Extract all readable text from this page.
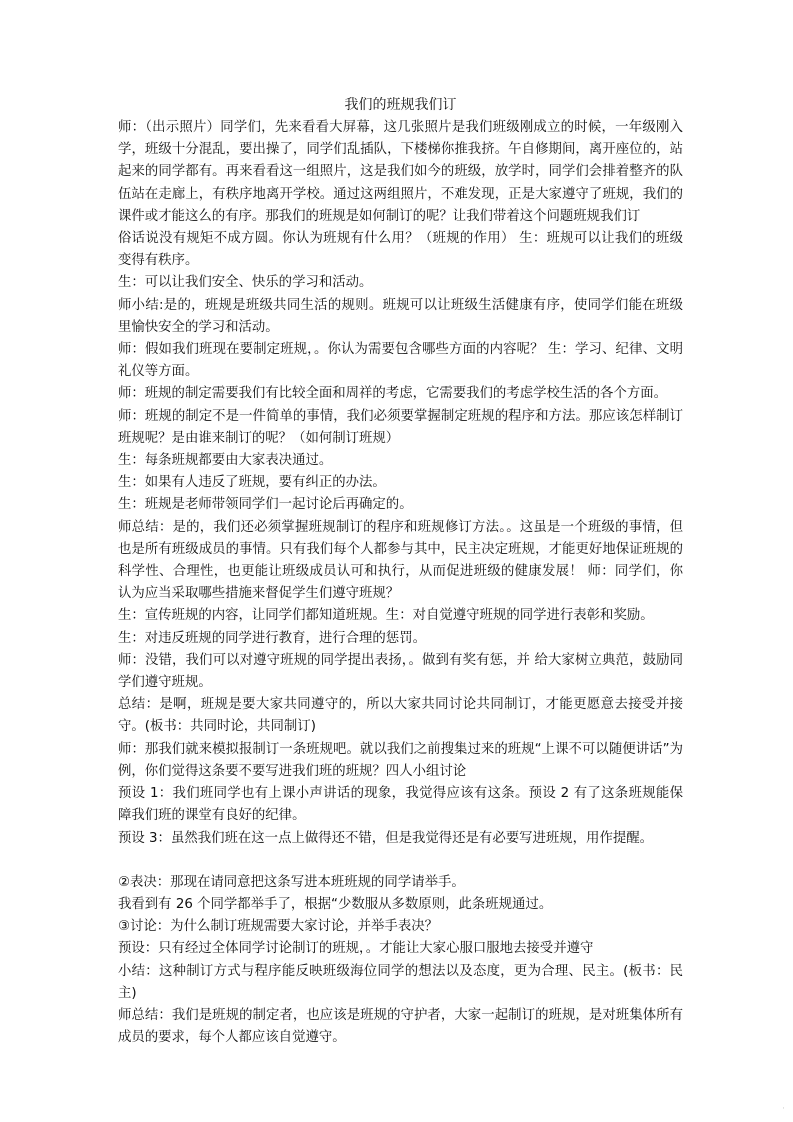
我们的班规我们订

师：（出示照片）同学们，先来看看大屏幕，这几张照片是我们班级刚成立的时候，一年级刚入学，班级十分混乱，要出操了，同学们乱插队，下楼梯你推我挤。午自修期间，离开座位的，站起来的同学都有。再来看看这一组照片，这是我们如今的班级，放学时，同学们会排着整齐的队伍站在走廊上，有秩序地离开学校。通过这两组照片，不难发现，正是大家遵守了班规，我们的课件或才能这么的有序。那我们的班规是如何制订的呢？让我们带着这个问题班规我们订

俗话说没有规矩不成方圆。你认为班规有什么用？（班规的作用） 生：班规可以让我们的班级变得有秩序。

生：可以让我们安全、快乐的学习和活动。

师小结:是的，班规是班级共同生活的规则。班规可以让班级生活健康有序，使同学们能在班级里愉快安全的学习和活动。

师：假如我们班现在要制定班规，。你认为需要包含哪些方面的内容呢？ 生：学习、纪律、文明礼仪等方面。

师：班规的制定需要我们有比较全面和周祥的考虑，它需要我们的考虑学校生活的各个方面。

师：班规的制定不是一件简单的事情，我们必须要掌握制定班规的程序和方法。那应该怎样制订班规呢？是由谁来制订的呢？（如何制订班规）

生：每条班规都要由大家表决通过。

生：如果有人违反了班规，要有纠正的办法。

生：班规是老师带领同学们一起讨论后再确定的。

师总结：是的，我们还必须掌握班规制订的程序和班规修订方法。。这虽是一个班级的事情，但也是所有班级成员的事情。只有我们每个人都参与其中，民主决定班规，才能更好地保证班规的科学性、合理性，也更能让班级成员认可和执行，从而促进班级的健康发展！ 师：同学们，你认为应当采取哪些措施来督促学生们遵守班规？

生：宣传班规的内容，让同学们都知道班规。生：对自觉遵守班规的同学进行表彰和奖励。

生：对违反班规的同学进行教育，进行合理的惩罚。

师：没错，我们可以对遵守班规的同学提出表扬，。做到有奖有惩，并 给大家树立典范，鼓励同学们遵守班规。

总结：是啊，班规是要大家共同遵守的，所以大家共同讨论共同制订，才能更愿意去接受并接守。(板书：共同时论，共同制订)

师：那我们就来模拟报制订一条班规吧。就以我们之前搜集过来的班规“上课不可以随便讲话”为例，你们觉得这条要不要写进我们班的班规？四人小组讨论

预设 1：我们班同学也有上课小声讲话的现象，我觉得应该有这条。预设 2 有了这条班规能保障我们班的课堂有良好的纪律。

预设 3：虽然我们班在这一点上做得还不错，但是我觉得还是有必要写进班规，用作提醒。

②表决：那现在请同意把这条写进本班班规的同学请举手。

我看到有 26 个同学都举手了，根据“少数服从多数原则，此条班规通过。

③讨论：为什么制订班规需要大家讨论，并举手表决？

预设：只有经过全体同学讨论制订的班规，。才能让大家心服口服地去接受并遵守

小结：这种制订方式与程序能反映班级海位同学的想法以及态度，更为合理、民主。(板书：民主)

师总结：我们是班规的制定者，也应该是班规的守护者，大家一起制订的班规，是对班集体所有成员的要求，每个人都应该自觉遵守。

·
